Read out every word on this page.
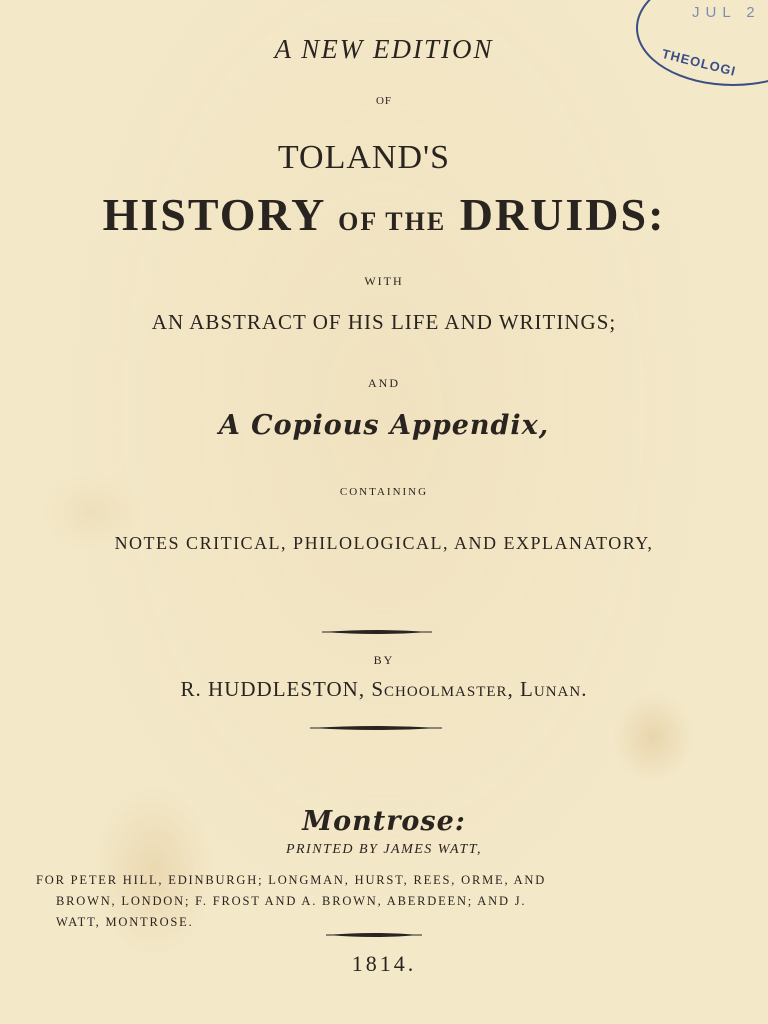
JUL 2
THEOLOGI
A NEW EDITION
OF
TOLAND'S
HISTORY OF THE DRUIDS:
WITH
AN ABSTRACT OF HIS LIFE AND WRITINGS;
AND
A Copious Appendix,
CONTAINING
NOTES CRITICAL, PHILOLOGICAL, AND EXPLANATORY,
BY
R. HUDDLESTON, Schoolmaster, Lunan.
Montrose:
PRINTED BY JAMES WATT,
FOR PETER HILL, EDINBURGH; LONGMAN, HURST, REES, ORME, AND
BROWN, LONDON; F. FROST AND A. BROWN, ABERDEEN; AND J.
WATT, MONTROSE.
1814.
